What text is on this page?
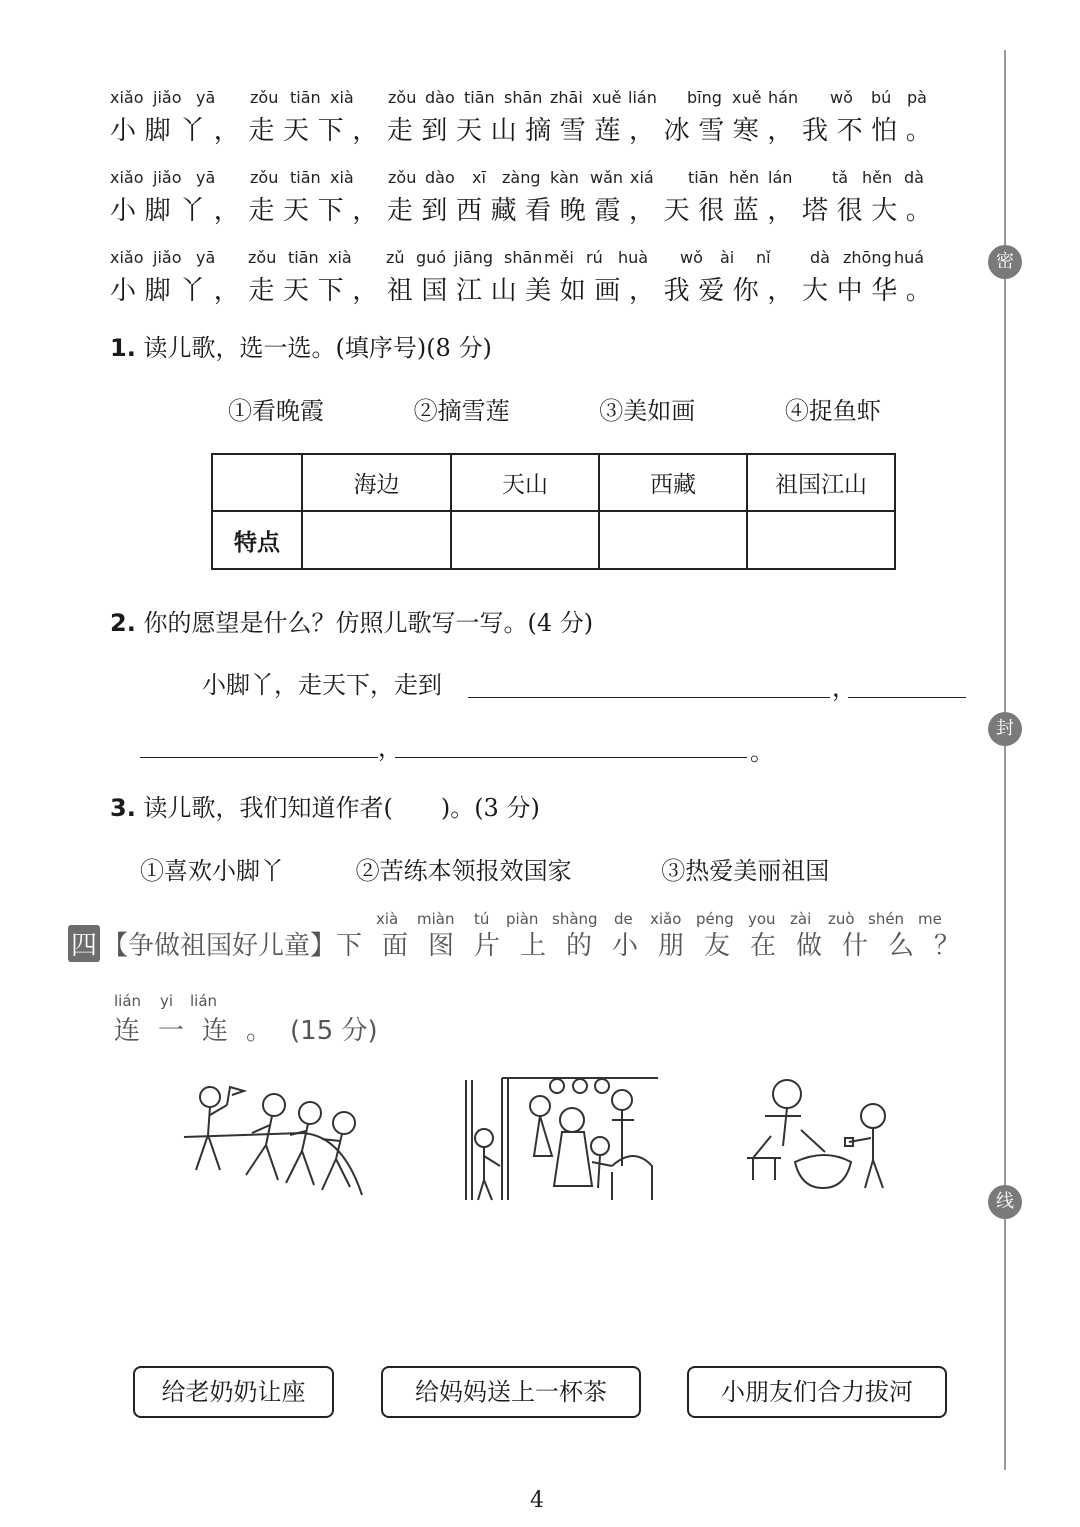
xiǎo jiǎo yā zǒu tiān xià zǒu dào tiān shān zhāi xuě lián bīng xuě hán wǒ bú pà
小脚丫，走天下，走到天山摘雪莲，冰雪寒，我不怕。
xiǎo jiǎo yā zǒu tiān xià zǒu dào xī zàng kàn wǎn xiá tiān hěn lán tǎ hěn dà
小脚丫，走天下，走到西藏看晚霞，天很蓝，塔很大。
xiǎo jiǎo yā zǒu tiān xià zǔ guó jiāng shān měi rú huà wǒ ài nǐ dà zhōng huá
小脚丫，走天下，祖国江山美如画，我爱你，大中华。
1. 读儿歌，选一选。(填序号)(8 分)
①看晚霞	②摘雪莲	③美如画	④捉鱼虾
	海边	天山	西藏	祖国江山
特点				
2. 你的愿望是什么？仿照儿歌写一写。(4 分)
小脚丫，走天下，走到	，
，	。
3. 读儿歌，我们知道作者(　　)。(3 分)
①喜欢小脚丫	②苦练本领报效国家	③热爱美丽祖国
xià miàn tú piàn shàng de xiǎo péng you zài zuò shén me
四 【争做祖国好儿童】下面图片上的小朋友在做什么？
lián yi lián
连一连。(15 分)
给老奶奶让座	给妈妈送上一杯茶	小朋友们合力拔河
密
封
线
4
